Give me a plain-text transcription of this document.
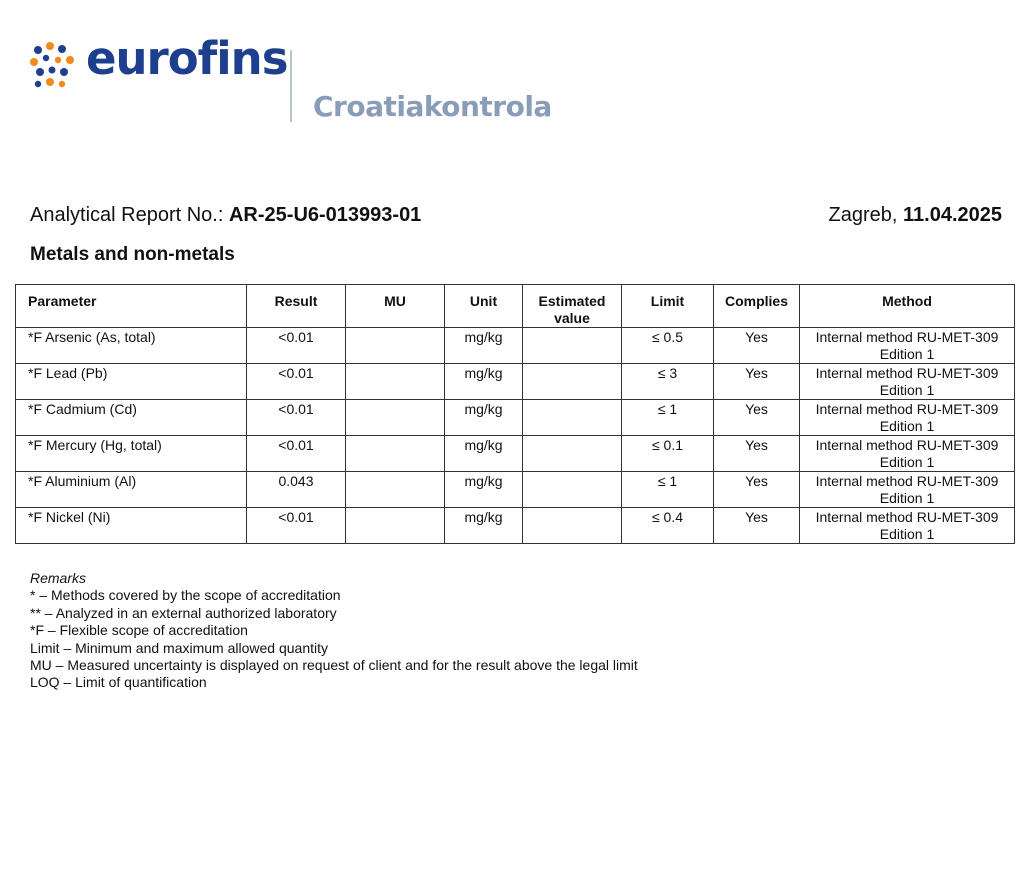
eurofins
Croatiakontrola
Analytical Report No.: AR-25-U6-013993-01	Zagreb, 11.04.2025
Metals and non-metals
Parameter	Result	MU	Unit	Estimated value	Limit	Complies	Method
*F Arsenic (As, total)	<0.01		mg/kg		≤ 0.5	Yes	Internal method RU-MET-309
Edition 1

*F Lead (Pb)	<0.01		mg/kg		≤ 3	Yes	Internal method RU-MET-309
Edition 1

*F Cadmium (Cd)	<0.01		mg/kg		≤ 1	Yes	Internal method RU-MET-309
Edition 1

*F Mercury (Hg, total)	<0.01		mg/kg		≤ 0.1	Yes	Internal method RU-MET-309
Edition 1

*F Aluminium (Al)	0.043		mg/kg		≤ 1	Yes	Internal method RU-MET-309
Edition 1

*F Nickel (Ni)	<0.01		mg/kg		≤ 0.4	Yes	Internal method RU-MET-309
Edition 1
Remarks
* – Methods covered by the scope of accreditation
** – Analyzed in an external authorized laboratory
*F – Flexible scope of accreditation
Limit – Minimum and maximum allowed quantity
MU – Measured uncertainty is displayed on request of client and for the result above the legal limit
LOQ – Limit of quantification
